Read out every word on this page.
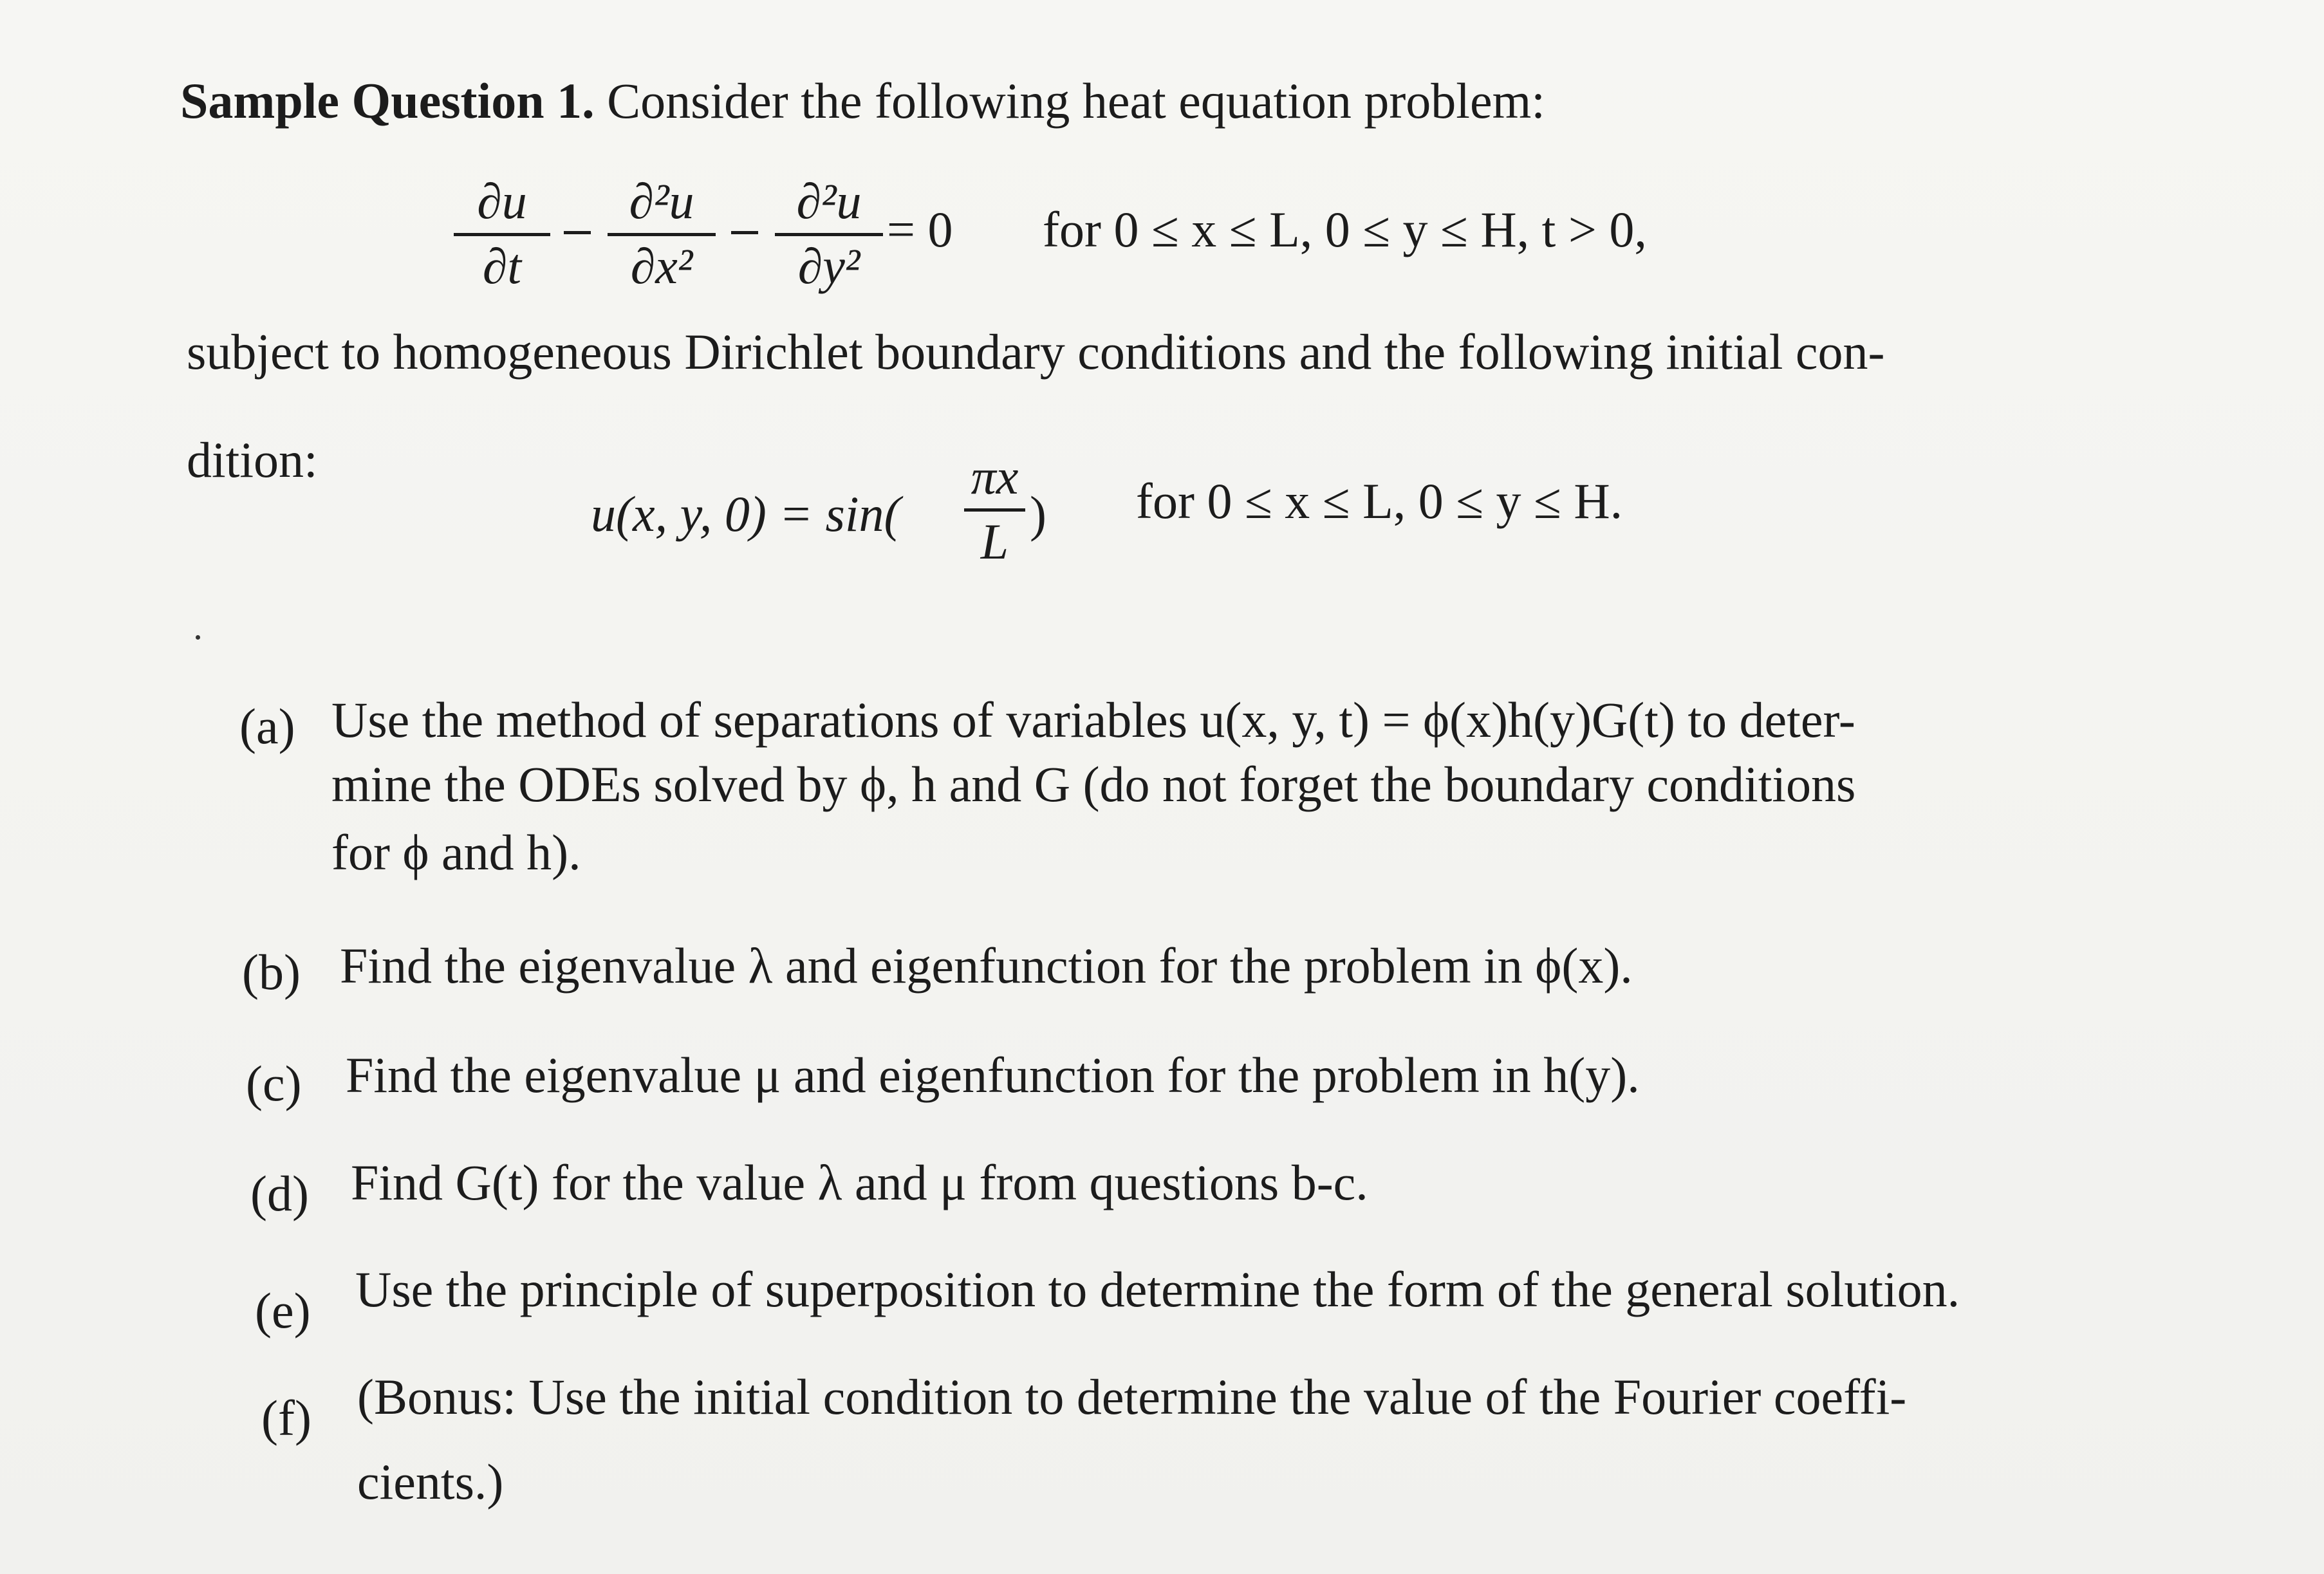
Sample Question 1. Consider the following heat equation problem:
∂u
∂t
∂²u
∂x²
∂²u
∂y²
= 0 for 0 ≤ x ≤ L, 0 ≤ y ≤ H, t > 0,
subject to homogeneous Dirichlet boundary conditions and the following initial con-
dition:
u(x, y, 0) = sin(
πx
L ) for 0 ≤ x ≤ L, 0 ≤ y ≤ H.
(a) Use the method of separations of variables u(x, y, t) = ϕ(x)h(y)G(t) to deter-
mine the ODEs solved by ϕ, h and G (do not forget the boundary conditions
for ϕ and h).
(b) Find the eigenvalue λ and eigenfunction for the problem in ϕ(x).
(c) Find the eigenvalue μ and eigenfunction for the problem in h(y).
(d) Find G(t) for the value λ and μ from questions b-c.
(e) Use the principle of superposition to determine the form of the general solution.
(f) (Bonus: Use the initial condition to determine the value of the Fourier coeffi-
cients.)
